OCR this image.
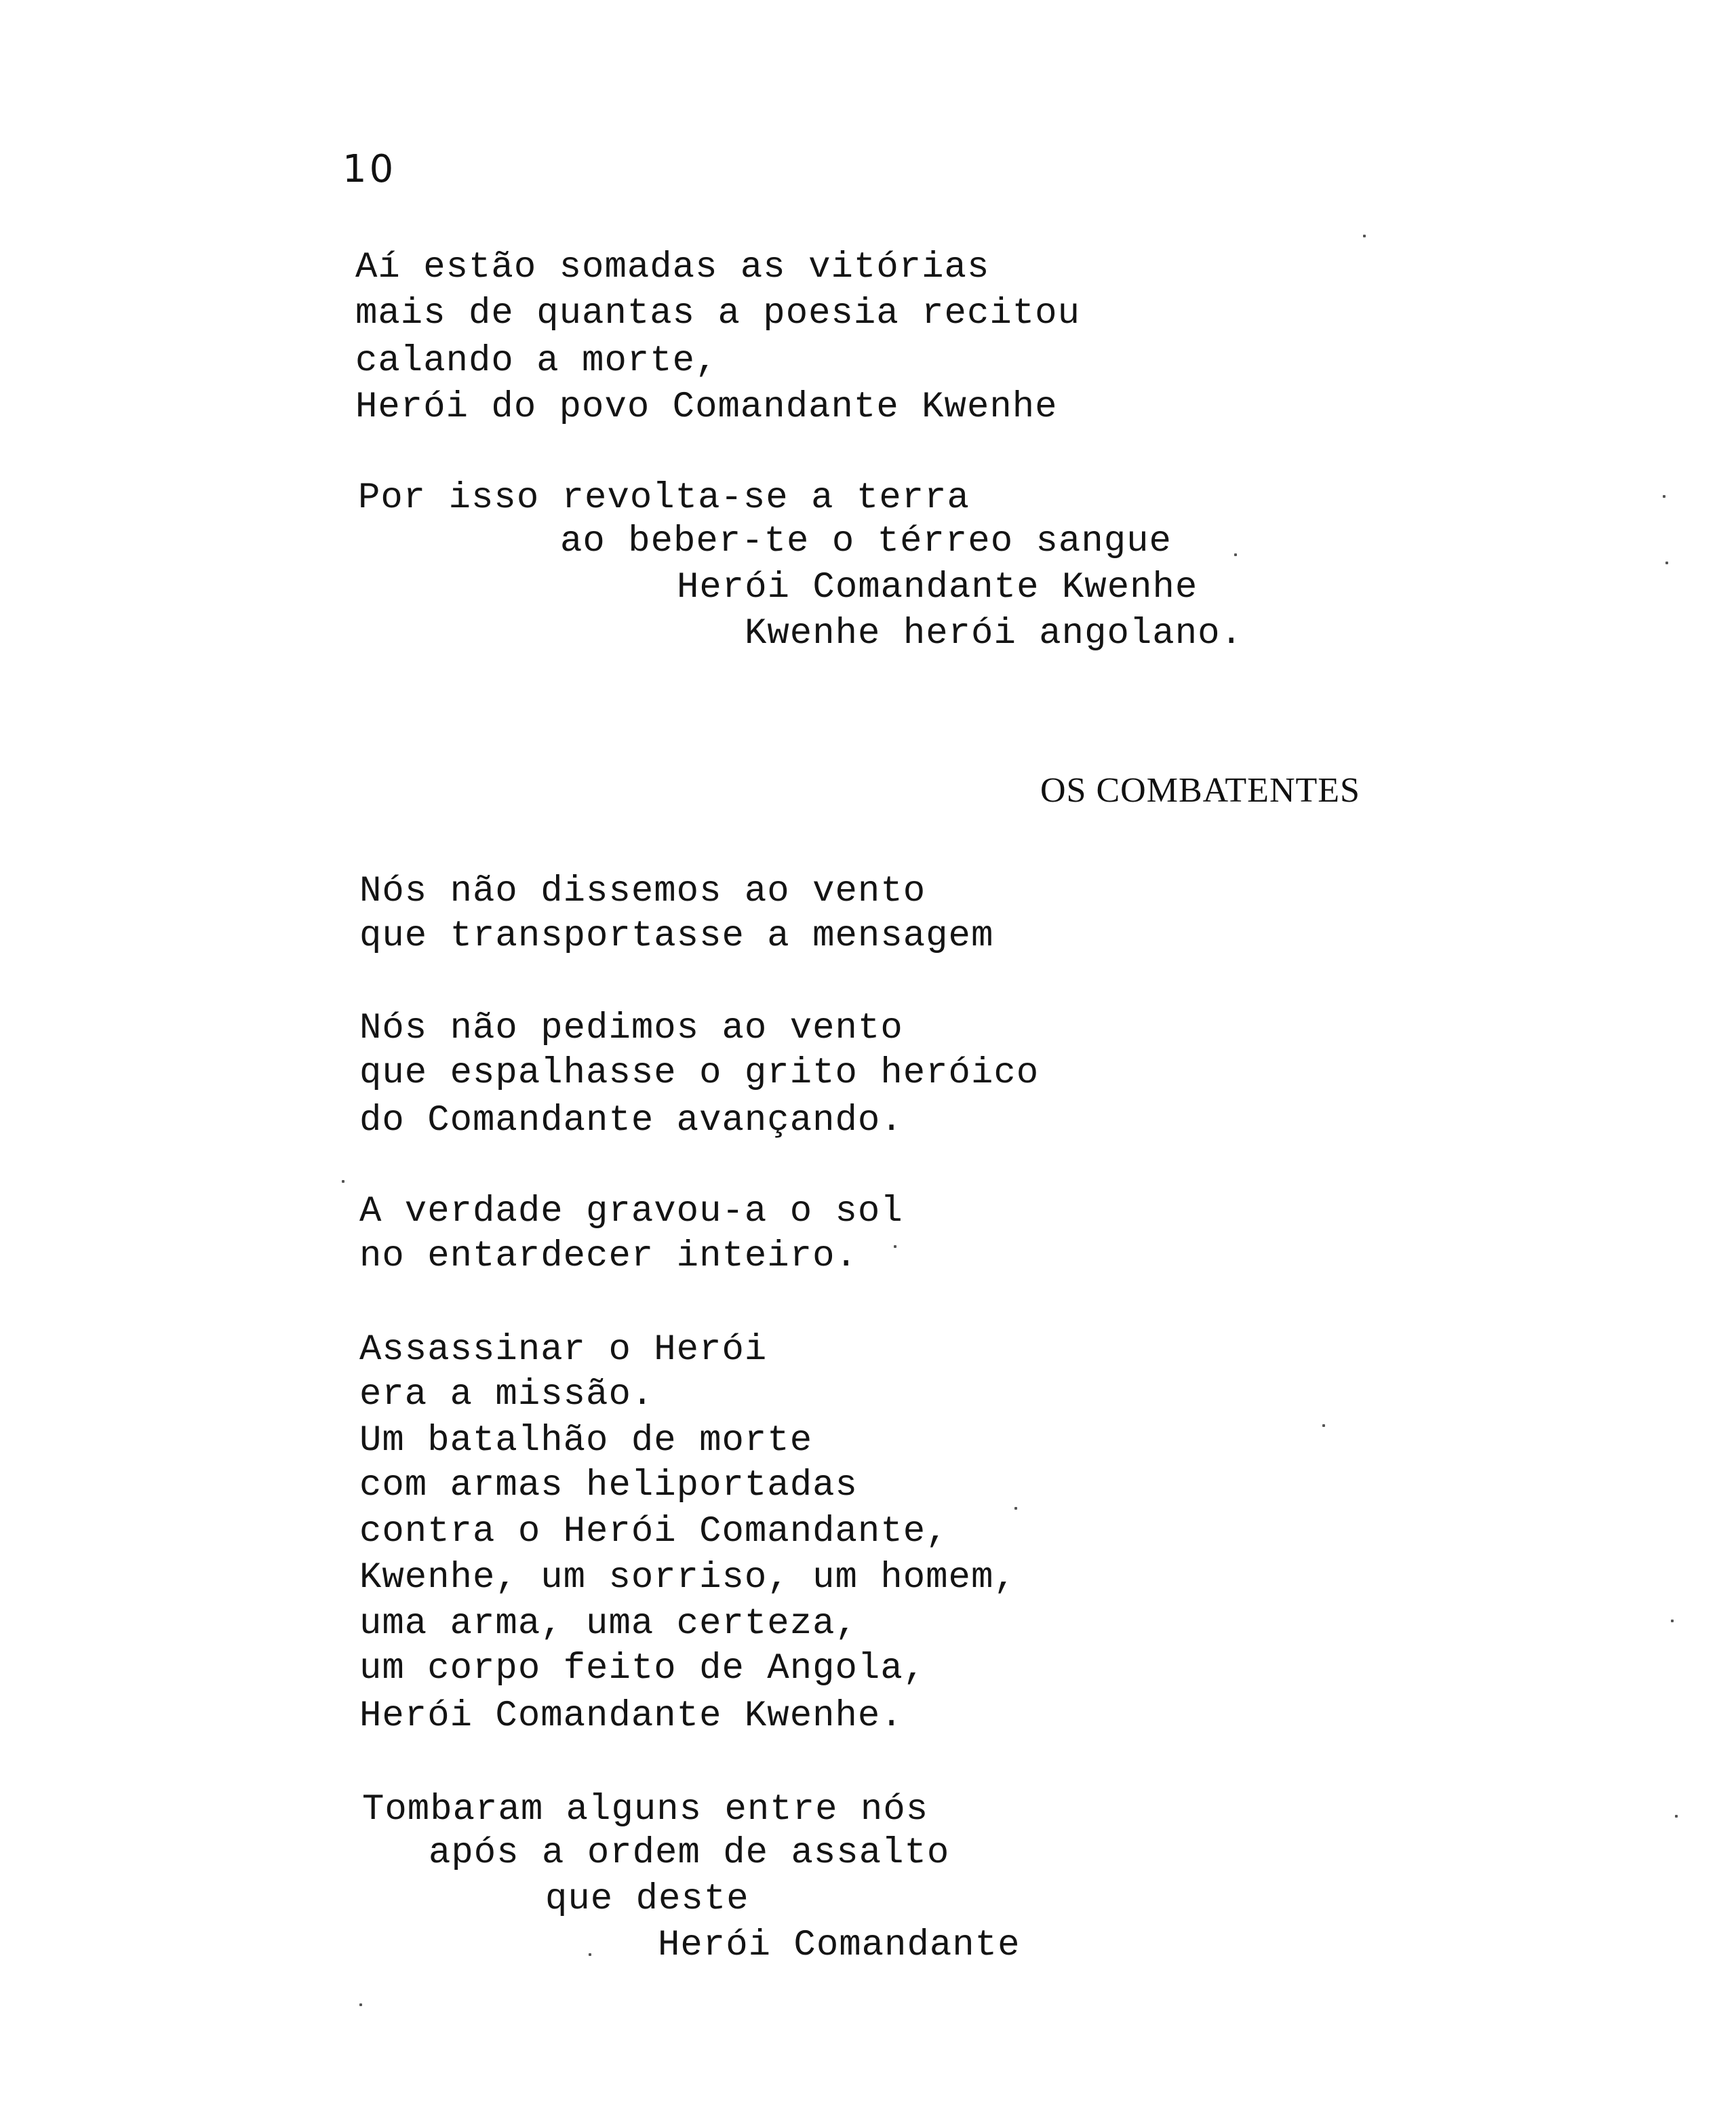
10
Aí estão somadas as vitórias
mais de quantas a poesia recitou
calando a morte,
Herói do povo Comandante Kwenhe
Por isso revolta-se a terra
ao beber-te o térreo sangue
Herói Comandante Kwenhe
Kwenhe herói angolano.
OS COMBATENTES
Nós não dissemos ao vento
que transportasse a mensagem
Nós não pedimos ao vento
que espalhasse o grito heróico
do Comandante avançando.
A verdade gravou-a o sol
no entardecer inteiro.
Assassinar o Herói
era a missão.
Um batalhão de morte
com armas heliportadas
contra o Herói Comandante,
Kwenhe, um sorriso, um homem,
uma arma, uma certeza,
um corpo feito de Angola,
Herói Comandante Kwenhe.
Tombaram alguns entre nós
após a ordem de assalto
que deste
Herói Comandante
